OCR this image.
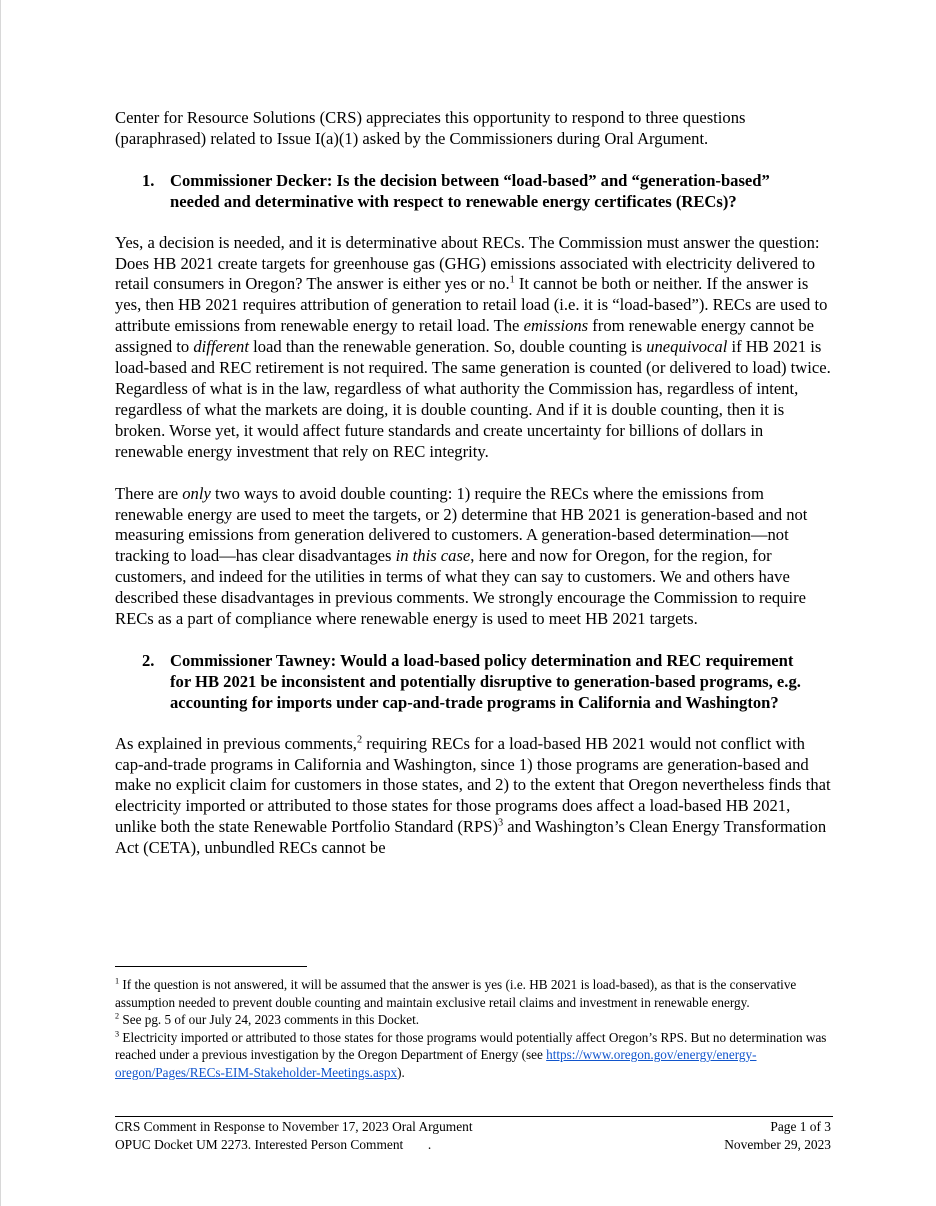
Center for Resource Solutions (CRS) appreciates this opportunity to respond to three questions (paraphrased) related to Issue I(a)(1) asked by the Commissioners during Oral Argument.

1. Commissioner Decker: Is the decision between “load-based” and “generation-based” needed and determinative with respect to renewable energy certificates (RECs)?

Yes, a decision is needed, and it is determinative about RECs. The Commission must answer the question: Does HB 2021 create targets for greenhouse gas (GHG) emissions associated with electricity delivered to retail consumers in Oregon? The answer is either yes or no.$^1$ It cannot be both or neither. If the answer is yes, then HB 2021 requires attribution of generation to retail load (i.e. it is “load-based”). RECs are used to attribute emissions from renewable energy to retail load. The emissions from renewable energy cannot be assigned to different load than the renewable generation. So, double counting is unequivocal if HB 2021 is load-based and REC retirement is not required. The same generation is counted (or delivered to load) twice. Regardless of what is in the law, regardless of what authority the Commission has, regardless of intent, regardless of what the markets are doing, it is double counting. And if it is double counting, then it is broken. Worse yet, it would affect future standards and create uncertainty for billions of dollars in renewable energy investment that rely on REC integrity.

There are only two ways to avoid double counting: 1) require the RECs where the emissions from renewable energy are used to meet the targets, or 2) determine that HB 2021 is generation-based and not measuring emissions from generation delivered to customers. A generation-based determination—not tracking to load—has clear disadvantages in this case, here and now for Oregon, for the region, for customers, and indeed for the utilities in terms of what they can say to customers. We and others have described these disadvantages in previous comments. We strongly encourage the Commission to require RECs as a part of compliance where renewable energy is used to meet HB 2021 targets.

2. Commissioner Tawney: Would a load-based policy determination and REC requirement for HB 2021 be inconsistent and potentially disruptive to generation-based programs, e.g. accounting for imports under cap-and-trade programs in California and Washington?

As explained in previous comments,$^2$ requiring RECs for a load-based HB 2021 would not conflict with cap-and-trade programs in California and Washington, since 1) those programs are generation-based and make no explicit claim for customers in those states, and 2) to the extent that Oregon nevertheless finds that electricity imported or attributed to those states for those programs does affect a load-based HB 2021, unlike both the state Renewable Portfolio Standard (RPS)$^3$ and Washington’s Clean Energy Transformation Act (CETA), unbundled RECs cannot be

$^1$ If the question is not answered, it will be assumed that the answer is yes (i.e. HB 2021 is load-based), as that is the conservative assumption needed to prevent double counting and maintain exclusive retail claims and investment in renewable energy.

$^2$ See pg. 5 of our July 24, 2023 comments in this Docket.

$^3$ Electricity imported or attributed to those states for those programs would potentially affect Oregon’s RPS. But no determination was reached under a previous investigation by the Oregon Department of Energy (see https://www.oregon.gov/energy/energy-oregon/Pages/RECs-EIM-Stakeholder-Meetings.aspx).

CRS Comment in Response to November 17, 2023 Oral Argument	Page 1 of 3
OPUC Docket UM 2273. Interested Person Comment .	November 29, 2023
